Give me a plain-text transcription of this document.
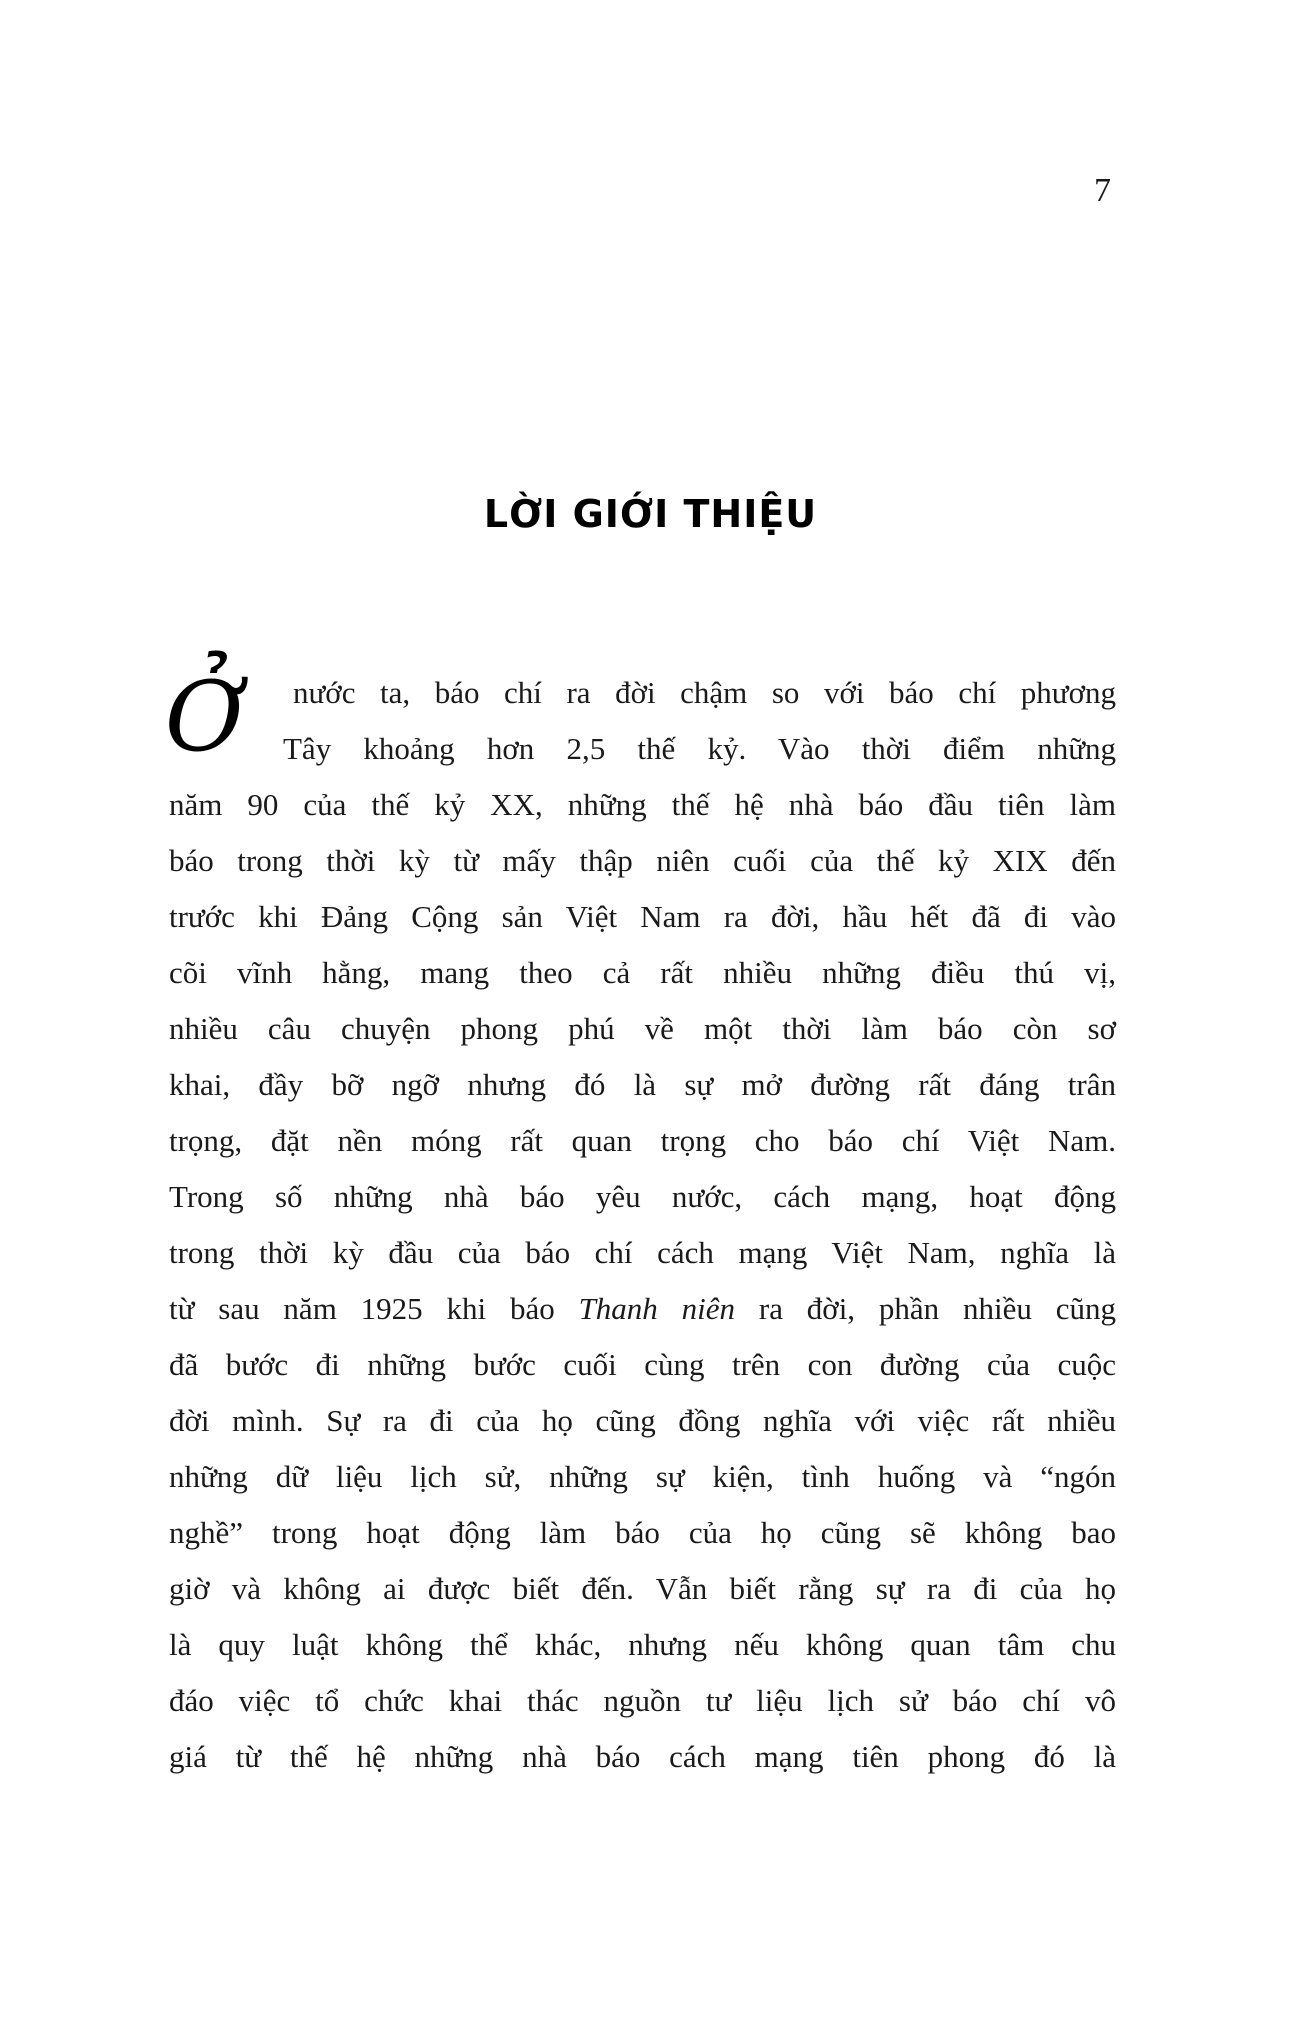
7
LỜI GIỚI THIỆU
Ở nước ta, báo chí ra đời chậm so với báo chí phương
Tây khoảng hơn 2,5 thế kỷ. Vào thời điểm những
năm 90 của thế kỷ XX, những thế hệ nhà báo đầu tiên làm
báo trong thời kỳ từ mấy thập niên cuối của thế kỷ XIX đến
trước khi Đảng Cộng sản Việt Nam ra đời, hầu hết đã đi vào
cõi vĩnh hằng, mang theo cả rất nhiều những điều thú vị,
nhiều câu chuyện phong phú về một thời làm báo còn sơ
khai, đầy bỡ ngỡ nhưng đó là sự mở đường rất đáng trân
trọng, đặt nền móng rất quan trọng cho báo chí Việt Nam.
Trong số những nhà báo yêu nước, cách mạng, hoạt động
trong thời kỳ đầu của báo chí cách mạng Việt Nam, nghĩa là
từ sau năm 1925 khi báo Thanh niên ra đời, phần nhiều cũng
đã bước đi những bước cuối cùng trên con đường của cuộc
đời mình. Sự ra đi của họ cũng đồng nghĩa với việc rất nhiều
những dữ liệu lịch sử, những sự kiện, tình huống và “ngón
nghề” trong hoạt động làm báo của họ cũng sẽ không bao
giờ và không ai được biết đến. Vẫn biết rằng sự ra đi của họ
là quy luật không thể khác, nhưng nếu không quan tâm chu
đáo việc tổ chức khai thác nguồn tư liệu lịch sử báo chí vô
giá từ thế hệ những nhà báo cách mạng tiên phong đó là
